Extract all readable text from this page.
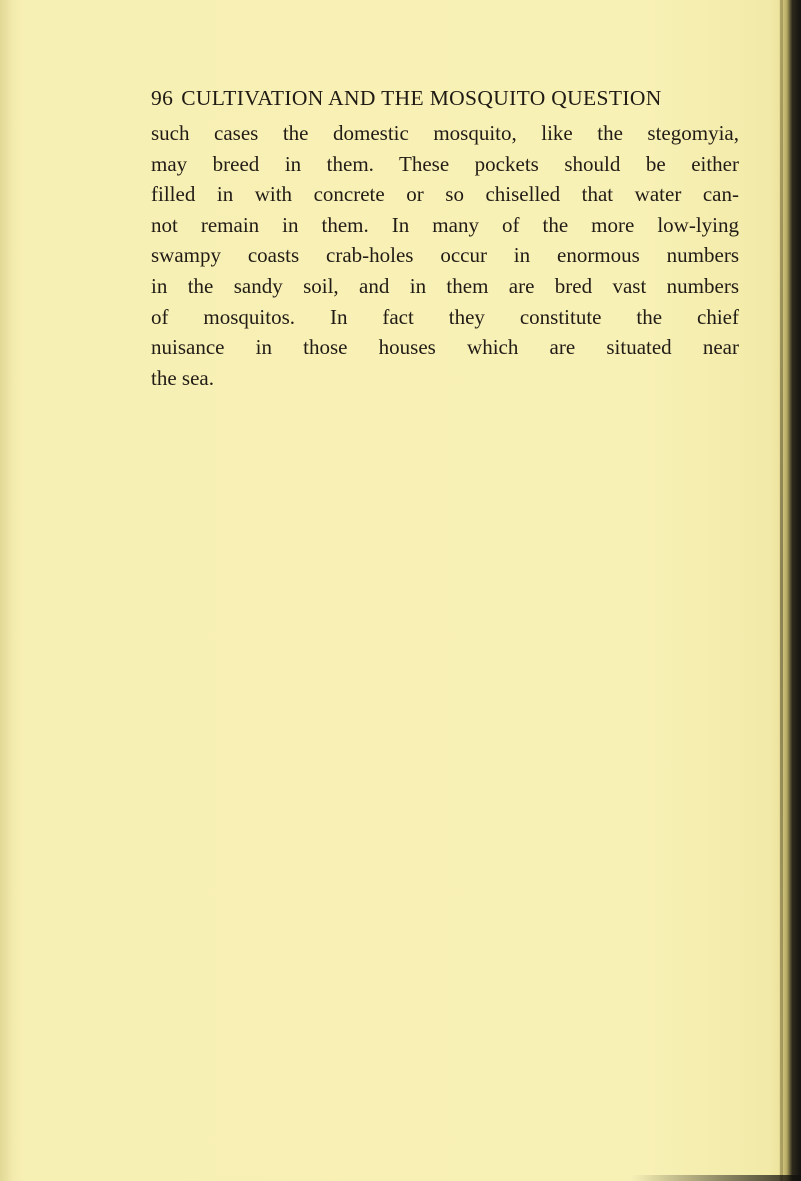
96 CULTIVATION AND THE MOSQUITO QUESTION
such cases the domestic mosquito, like the stegomyia,
may breed in them. These pockets should be either
filled in with concrete or so chiselled that water can-
not remain in them. In many of the more low-lying
swampy coasts crab-holes occur in enormous numbers
in the sandy soil, and in them are bred vast numbers
of mosquitos. In fact they constitute the chief
nuisance in those houses which are situated near
the sea.
